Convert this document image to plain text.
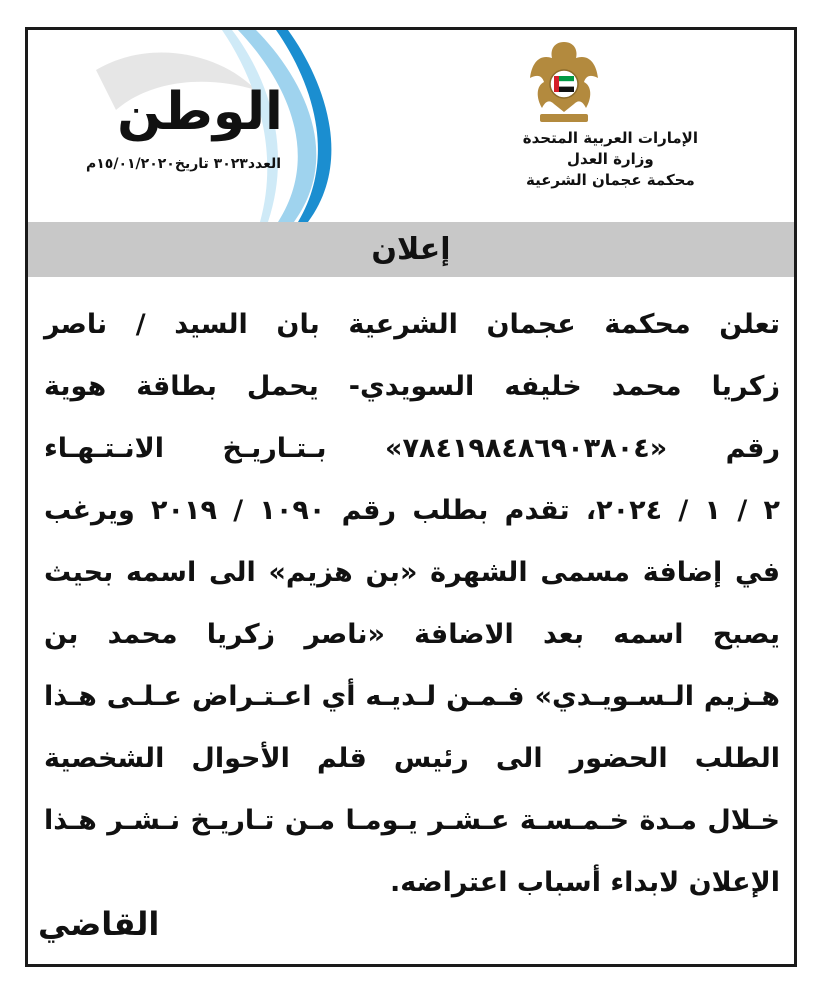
الوطن
العدد٣٠٢٣ تاريخ١٥/٠١/٢٠٢٠م
الإمارات العربية المتحدة
وزارة العدل
محكمة عجمان الشرعية
إعلان

تعلن محكمة عجمان الشرعية بان السيد / ناصر

زكريا محمد خليفه السويدي- يحمل بطاقة هوية

رقم «٧٨٤١٩٨٤٨٦٩٠٣٨٠٤» بـتـاريـخ الانـتـهـاء

٢ / ١ / ٢٠٢٤، تقدم بطلب رقم ١٠٩٠ / ٢٠١٩ ويرغب

في إضافة مسمى الشهرة «بن هزيم» الى اسمه بحيث

يصبح اسمه بعد الاضافة «ناصر زكريا محمد بن

هـزيم الـسـويـدي» فـمـن لـديـه أي اعـتـراض عـلـى هـذا

الطلب الحضور الى رئيس قلم الأحوال الشخصية

خـلال مـدة خـمـسـة عـشـر يـومـا مـن تـاريـخ نـشـر هـذا

الإعلان لابداء أسباب اعتراضه.

القاضي
